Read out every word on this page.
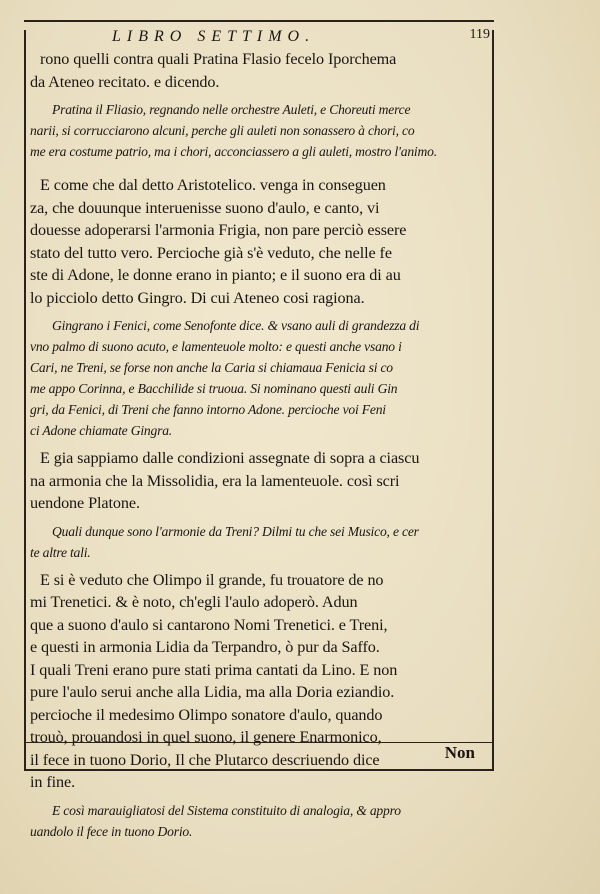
LIBRO SETTIMO.	119
rono quelli contra quali Pratina Flasio fecelo Iporchema
da Ateneo recitato. e dicendo.
Pratina il Fliasio, regnando nelle orchestre Auleti, e Choreuti merce
narii, si corrucciarono alcuni, perche gli auleti non sonassero à chori, co
me era costume patrio, ma i chori, acconciassero a gli auleti, mostro l'animo.
E come che dal detto Aristotelico. venga in conseguen
za, che douunque interuenisse suono d'aulo, e canto, vi
douesse adoperarsi l'armonia Frigia, non pare perciò essere
stato del tutto vero. Percioche già s'è veduto, che nelle fe
ste di Adone, le donne erano in pianto; e il suono era di au
lo picciolo detto Gingro. Di cui Ateneo cosi ragiona.
Gingrano i Fenici, come Senofonte dice. & vsano auli di grandezza di
vno palmo di suono acuto, e lamenteuole molto: e questi anche vsano i
Cari, ne Treni, se forse non anche la Caria si chiamaua Fenicia si co
me appo Corinna, e Bacchilide si truoua. Si nominano questi auli Gin
gri, da Fenici, di Treni che fanno intorno Adone. percioche voi Feni
ci Adone chiamate Gingra.
E gia sappiamo dalle condizioni assegnate di sopra a ciascu
na armonia che la Missolidia, era la lamenteuole. così scri
uendone Platone.
Quali dunque sono l'armonie da Treni? Dilmi tu che sei Musico, e cer
te altre tali.
E si è veduto che Olimpo il grande, fu trouatore de no
mi Trenetici. & è noto, ch'egli l'aulo adoperò. Adun
que a suono d'aulo si cantarono Nomi Trenetici. e Treni,
e questi in armonia Lidia da Terpandro, ò pur da Saffo.
I quali Treni erano pure stati prima cantati da Lino. E non
pure l'aulo serui anche alla Lidia, ma alla Doria eziandio.
percioche il medesimo Olimpo sonatore d'aulo, quando
trouò, prouandosi in quel suono, il genere Enarmonico,
il fece in tuono Dorio, Il che Plutarco descriuendo dice
in fine.
E così marauigliatosi del Sistema constituito di analogia, & appro
uandolo il fece in tuono Dorio.
Non
